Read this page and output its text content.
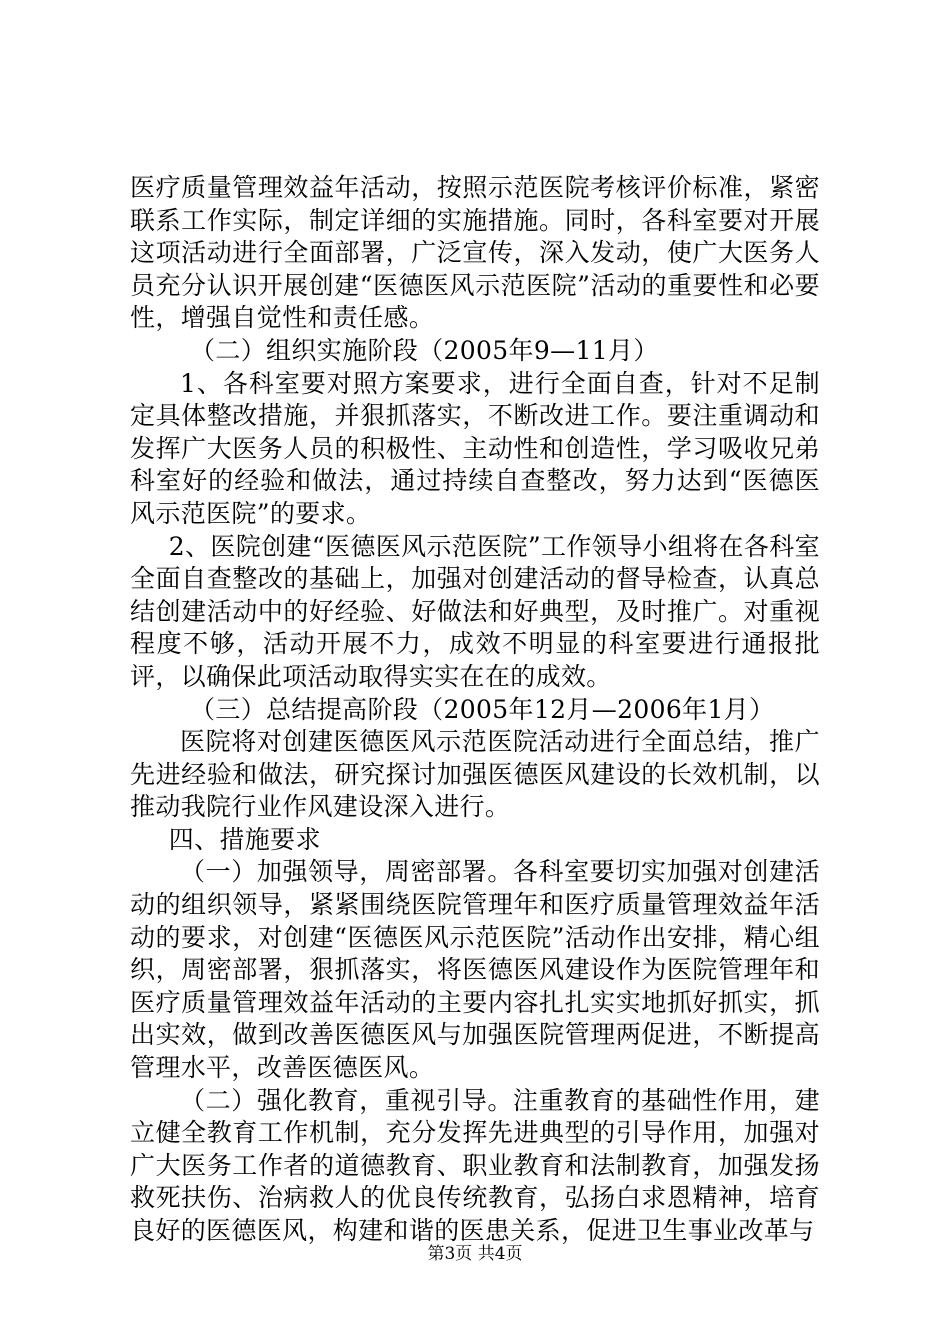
医疗质量管理效益年活动，按照示范医院考核评价标准，紧密联系工作实际，制定详细的实施措施。同时，各科室要对开展这项活动进行全面部署，广泛宣传，深入发动，使广大医务人员充分认识开展创建“医德医风示范医院”活动的重要性和必要性，增强自觉性和责任感。

（二）组织实施阶段（2005年9—11月）

1、各科室要对照方案要求，进行全面自查，针对不足制定具体整改措施，并狠抓落实，不断改进工作。要注重调动和发挥广大医务人员的积极性、主动性和创造性，学习吸收兄弟科室好的经验和做法，通过持续自查整改，努力达到“医德医风示范医院”的要求。

2、医院创建“医德医风示范医院”工作领导小组将在各科室全面自查整改的基础上，加强对创建活动的督导检查，认真总结创建活动中的好经验、好做法和好典型，及时推广。对重视程度不够，活动开展不力，成效不明显的科室要进行通报批评，以确保此项活动取得实实在在的成效。

（三）总结提高阶段（2005年12月—2006年1月）

医院将对创建医德医风示范医院活动进行全面总结，推广先进经验和做法，研究探讨加强医德医风建设的长效机制，以推动我院行业作风建设深入进行。

四、措施要求

（一）加强领导，周密部署。各科室要切实加强对创建活动的组织领导，紧紧围绕医院管理年和医疗质量管理效益年活动的要求，对创建“医德医风示范医院”活动作出安排，精心组织，周密部署，狠抓落实，将医德医风建设作为医院管理年和医疗质量管理效益年活动的主要内容扎扎实实地抓好抓实，抓出实效，做到改善医德医风与加强医院管理两促进，不断提高管理水平，改善医德医风。

（二）强化教育，重视引导。注重教育的基础性作用，建立健全教育工作机制，充分发挥先进典型的引导作用，加强对广大医务工作者的道德教育、职业教育和法制教育，加强发扬救死扶伤、治病救人的优良传统教育，弘扬白求恩精神，培育良好的医德医风，构建和谐的医患关系，促进卫生事业改革与

第3页 共4页
